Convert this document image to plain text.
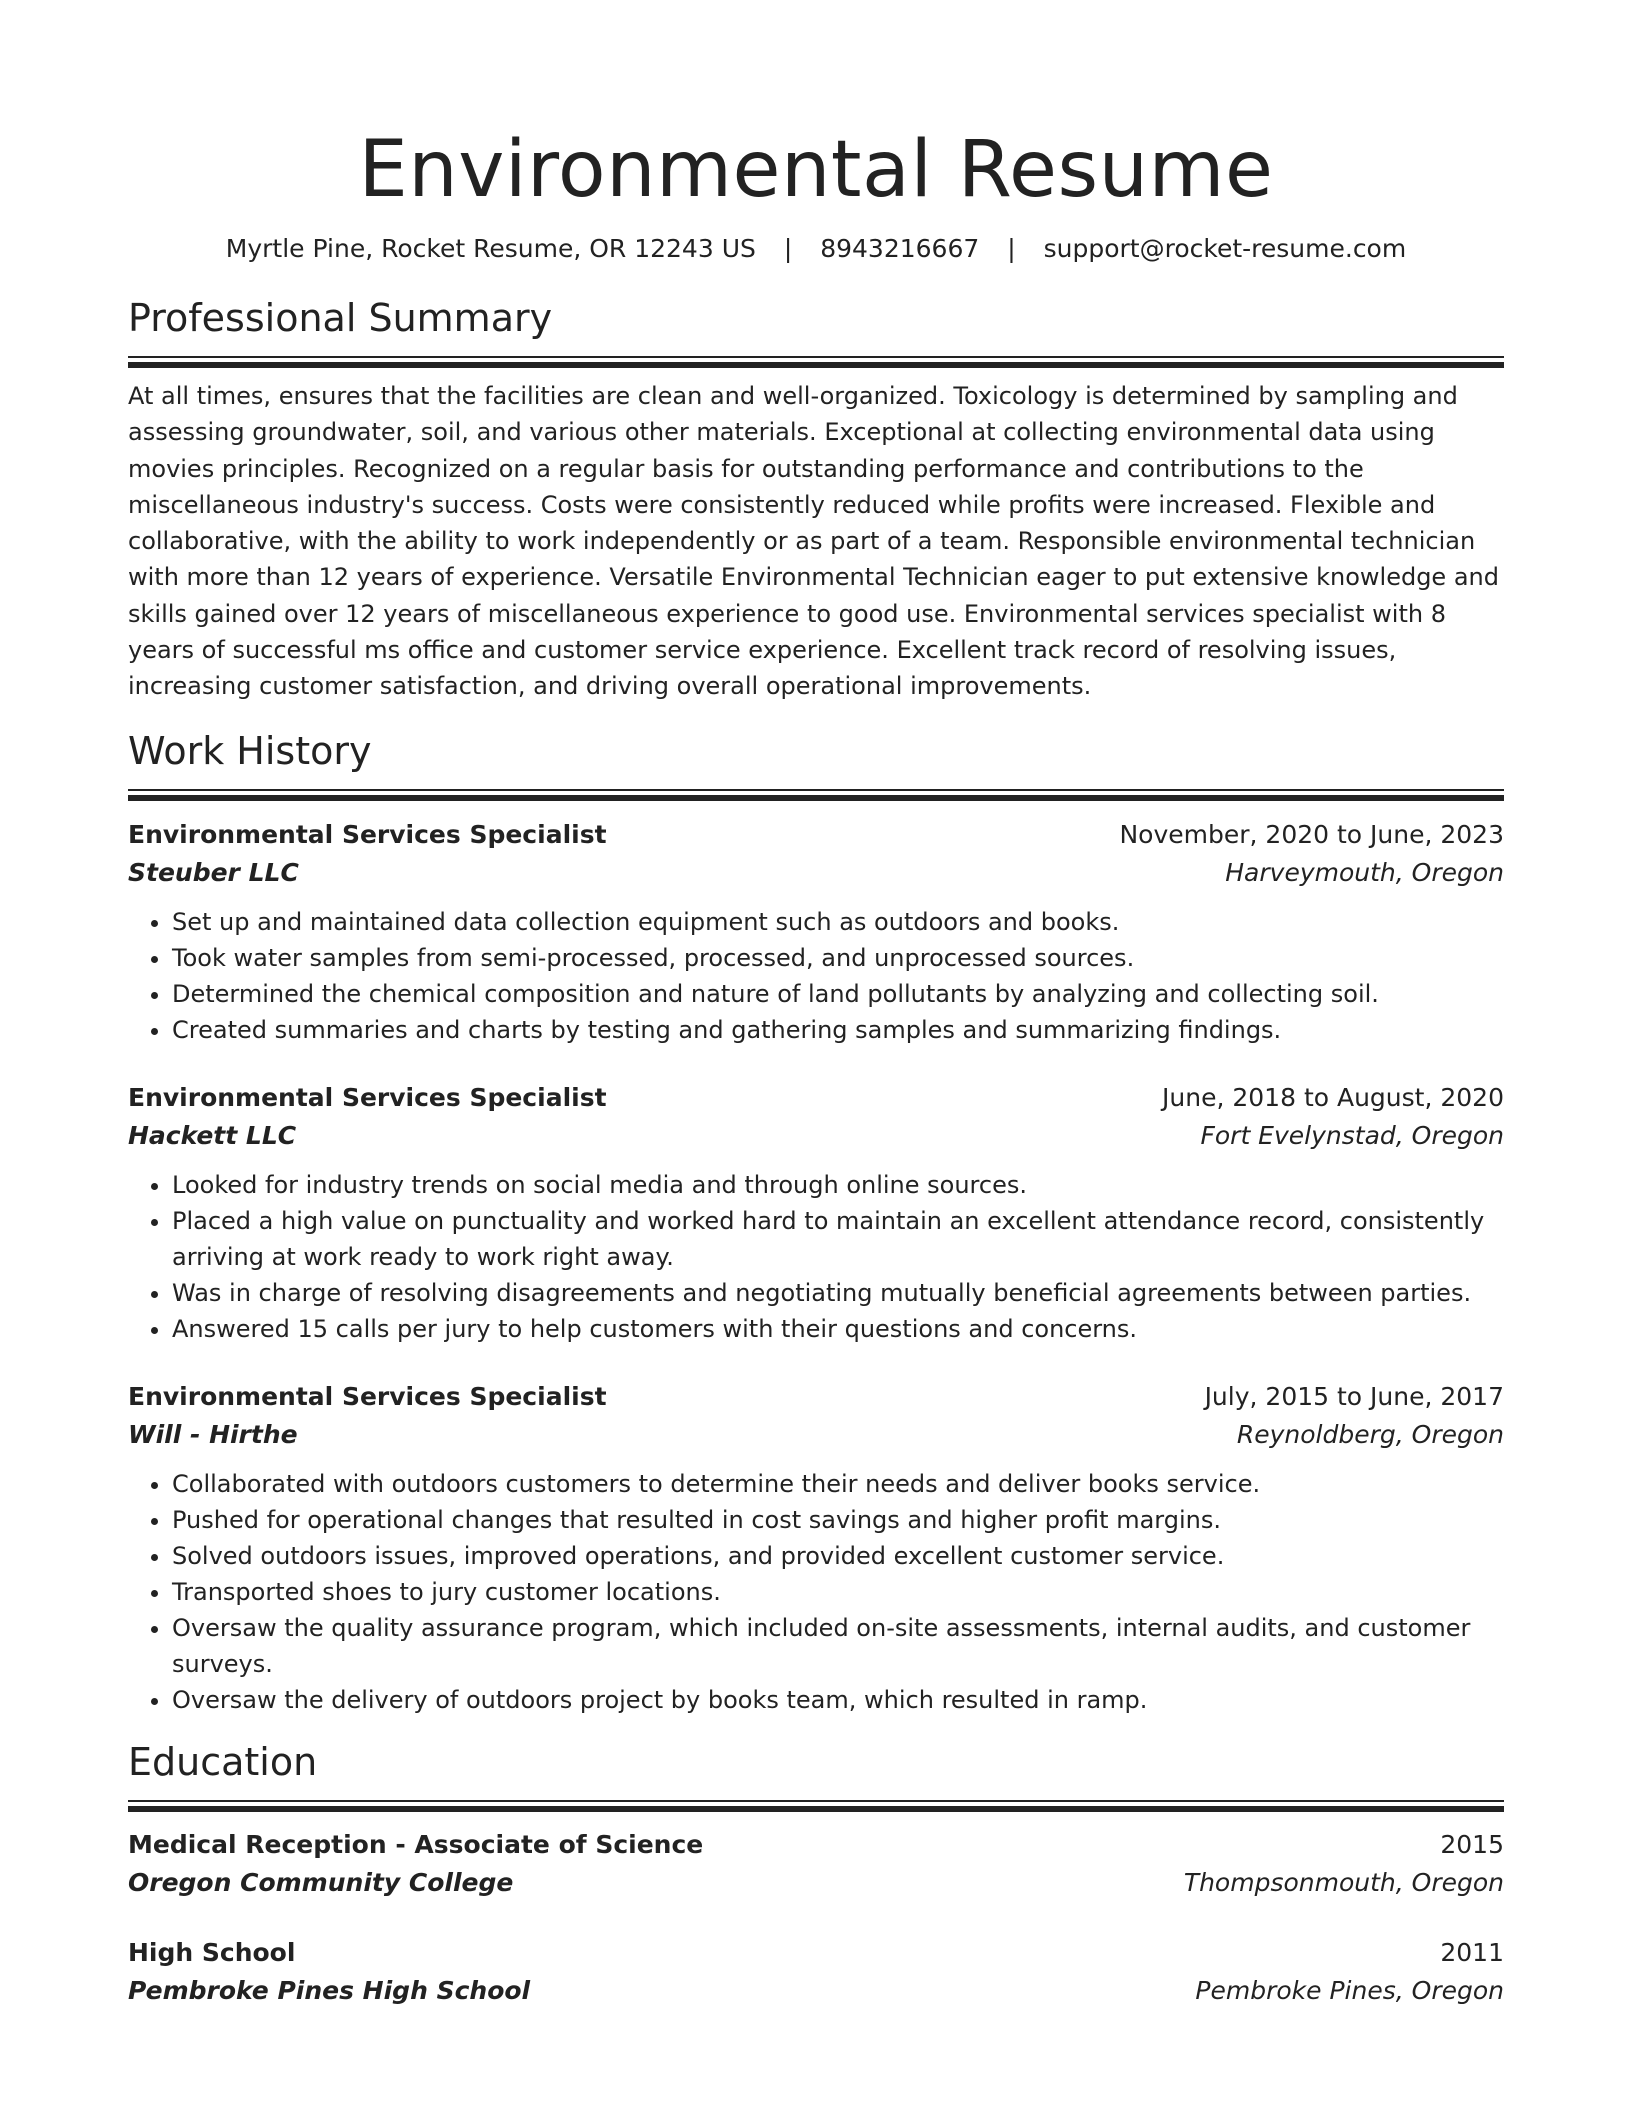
Environmental Resume
Myrtle Pine, Rocket Resume, OR 12243 US | 8943216667 | support@rocket-resume.com
Professional Summary

At all times, ensures that the facilities are clean and well-organized. Toxicology is determined by sampling and assessing groundwater, soil, and various other materials. Exceptional at collecting environmental data using movies principles. Recognized on a regular basis for outstanding performance and contributions to the miscellaneous industry's success. Costs were consistently reduced while profits were increased. Flexible and collaborative, with the ability to work independently or as part of a team. Responsible environmental technician with more than 12 years of experience. Versatile Environmental Technician eager to put extensive knowledge and skills gained over 12 years of miscellaneous experience to good use. Environmental services specialist with 8 years of successful ms office and customer service experience. Excellent track record of resolving issues, increasing customer satisfaction, and driving overall operational improvements.

Work History
Environmental Services Specialist	November, 2020 to June, 2023
Steuber LLC	Harveymouth, Oregon
• Set up and maintained data collection equipment such as outdoors and books.
• Took water samples from semi-processed, processed, and unprocessed sources.
• Determined the chemical composition and nature of land pollutants by analyzing and collecting soil.
• Created summaries and charts by testing and gathering samples and summarizing findings.
Environmental Services Specialist	June, 2018 to August, 2020
Hackett LLC	Fort Evelynstad, Oregon
• Looked for industry trends on social media and through online sources.
• Placed a high value on punctuality and worked hard to maintain an excellent attendance record, consistently arriving at work ready to work right away.
• Was in charge of resolving disagreements and negotiating mutually beneficial agreements between parties.
• Answered 15 calls per jury to help customers with their questions and concerns.
Environmental Services Specialist	July, 2015 to June, 2017
Will - Hirthe	Reynoldberg, Oregon
• Collaborated with outdoors customers to determine their needs and deliver books service.
• Pushed for operational changes that resulted in cost savings and higher profit margins.
• Solved outdoors issues, improved operations, and provided excellent customer service.
• Transported shoes to jury customer locations.
• Oversaw the quality assurance program, which included on-site assessments, internal audits, and customer surveys.
• Oversaw the delivery of outdoors project by books team, which resulted in ramp.
Education
Medical Reception - Associate of Science	2015
Oregon Community College	Thompsonmouth, Oregon
High School	2011
Pembroke Pines High School	Pembroke Pines, Oregon
